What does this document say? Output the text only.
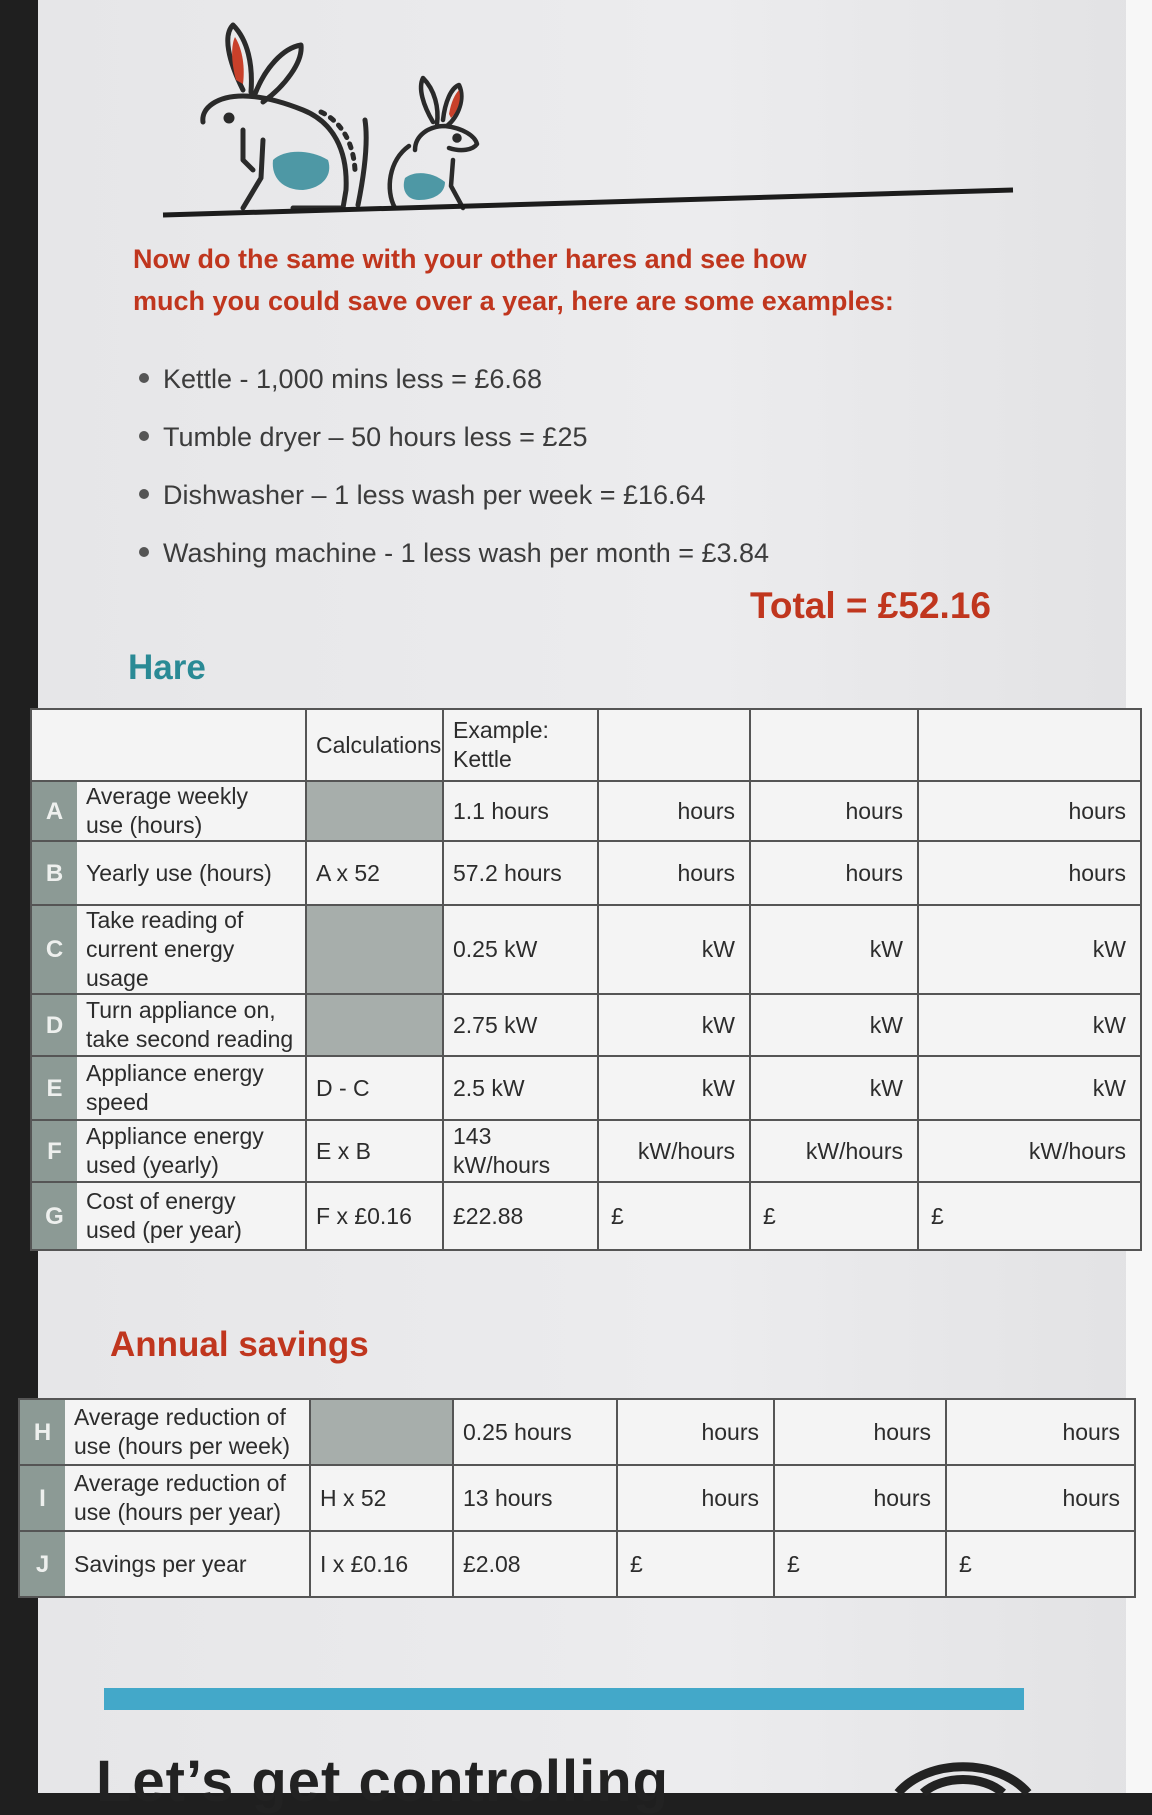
Now do the same with your other hares and see how
much you could save over a year, here are some examples:
Kettle - 1,000 mins less = £6.68
Tumble dryer – 50 hours less = £25
Dishwasher – 1 less wash per week = £16.64
Washing machine - 1 less wash per month = £3.84
Total = £52.16
Hare
		Calculations	Example:
Kettle			
A	Average weekly
use (hours)		1.1 hours	hours	hours	hours
B	Yearly use (hours)	A x 52	57.2 hours	hours	hours	hours
C	Take reading of
current energy usage		0.25 kW	kW	kW	kW
D	Turn appliance on,
take second reading		2.75 kW	kW	kW	kW
E	Appliance energy
speed	D - C	2.5 kW	kW	kW	kW
F	Appliance energy
used (yearly)	E x B	143 kW/hours	kW/hours	kW/hours	kW/hours
G	Cost of energy
used (per year)	F x £0.16	£22.88	£	£	£
Annual savings
H	Average reduction of
use (hours per week)		0.25 hours	hours	hours	hours
I	Average reduction of
use (hours per year)	H x 52	13 hours	hours	hours	hours
J	Savings per year	I x £0.16	£2.08	£	£	£
Let’s get controlling
